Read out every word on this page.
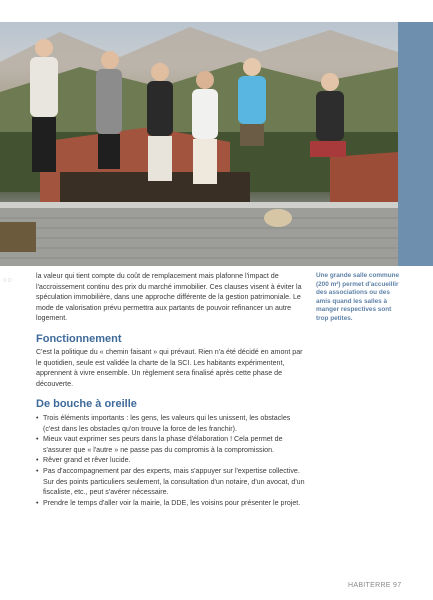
© D

la valeur qui tient compte du coût de remplacement mais plafonne l'impact de l'accroissement continu des prix du marché immobilier. Ces clauses visent à éviter la spéculation immobilière, dans une approche différente de la gestion patrimoniale. Le mode de valorisation prévu permettra aux partants de pouvoir refinancer un autre logement.

Une grande salle commune (200 m²) permet d'accueillir des associations ou des amis quand les salles à manger respectives sont trop petites.
Fonctionnement

C'est la politique du « chemin faisant » qui prévaut. Rien n'a été décidé en amont par le quotidien, seule est validée la charte de la SCI. Les habitants expérimentent, apprennent à vivre ensemble. Un règlement sera finalisé après cette phase de découverte.

De bouche à oreille
• Trois éléments importants : les gens, les valeurs qui les unissent, les obstacles (c'est dans les obstacles qu'on trouve la force de les franchir).
• Mieux vaut exprimer ses peurs dans la phase d'élaboration ! Cela permet de s'assurer que « l'autre » ne passe pas du compromis à la compromission.
• Rêver grand et rêver lucide.
• Pas d'accompagnement par des experts, mais s'appuyer sur l'expertise collective. Sur des points particuliers seulement, la consultation d'un notaire, d'un avocat, d'un fiscaliste, etc., peut s'avérer nécessaire.
• Prendre le temps d'aller voir la mairie, la DDE, les voisins pour présenter le projet.
HABITERRE 97
